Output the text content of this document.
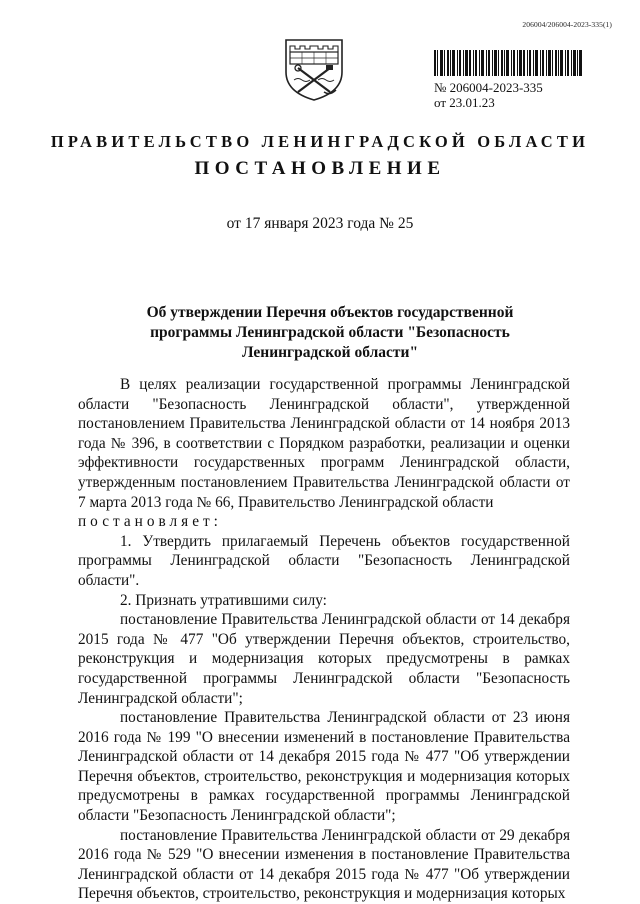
206004/206004-2023-335(1)
№ 206004-2023-335
от 23.01.23
ПРАВИТЕЛЬСТВО ЛЕНИНГРАДСКОЙ ОБЛАСТИ
ПОСТАНОВЛЕНИЕ
от 17 января 2023 года № 25
Об утверждении Перечня объектов государственной программы Ленинградской области "Безопасность Ленинградской области"

В целях реализации государственной программы Ленинградской области "Безопасность Ленинградской области", утвержденной постановлением Правительства Ленинградской области от 14 ноября 2013 года № 396, в соответствии с Порядком разработки, реализации и оценки эффективности государственных программ Ленинградской области, утвержденным постановлением Правительства Ленинградской области от 7 марта 2013 года № 66, Правительство Ленинградской области

постановляет:

1. Утвердить прилагаемый Перечень объектов государственной программы Ленинградской области "Безопасность Ленинградской области".

2. Признать утратившими силу:

постановление Правительства Ленинградской области от 14 декабря 2015 года № 477 "Об утверждении Перечня объектов, строительство, реконструкция и модернизация которых предусмотрены в рамках государственной программы Ленинградской области "Безопасность Ленинградской области";

постановление Правительства Ленинградской области от 23 июня 2016 года № 199 "О внесении изменений в постановление Правительства Ленинградской области от 14 декабря 2015 года № 477 "Об утверждении Перечня объектов, строительство, реконструкция и модернизация которых предусмотрены в рамках государственной программы Ленинградской области "Безопасность Ленинградской области";

постановление Правительства Ленинградской области от 29 декабря 2016 года № 529 "О внесении изменения в постановление Правительства Ленинградской области от 14 декабря 2015 года № 477 "Об утверждении Перечня объектов, строительство, реконструкция и модернизация которых
